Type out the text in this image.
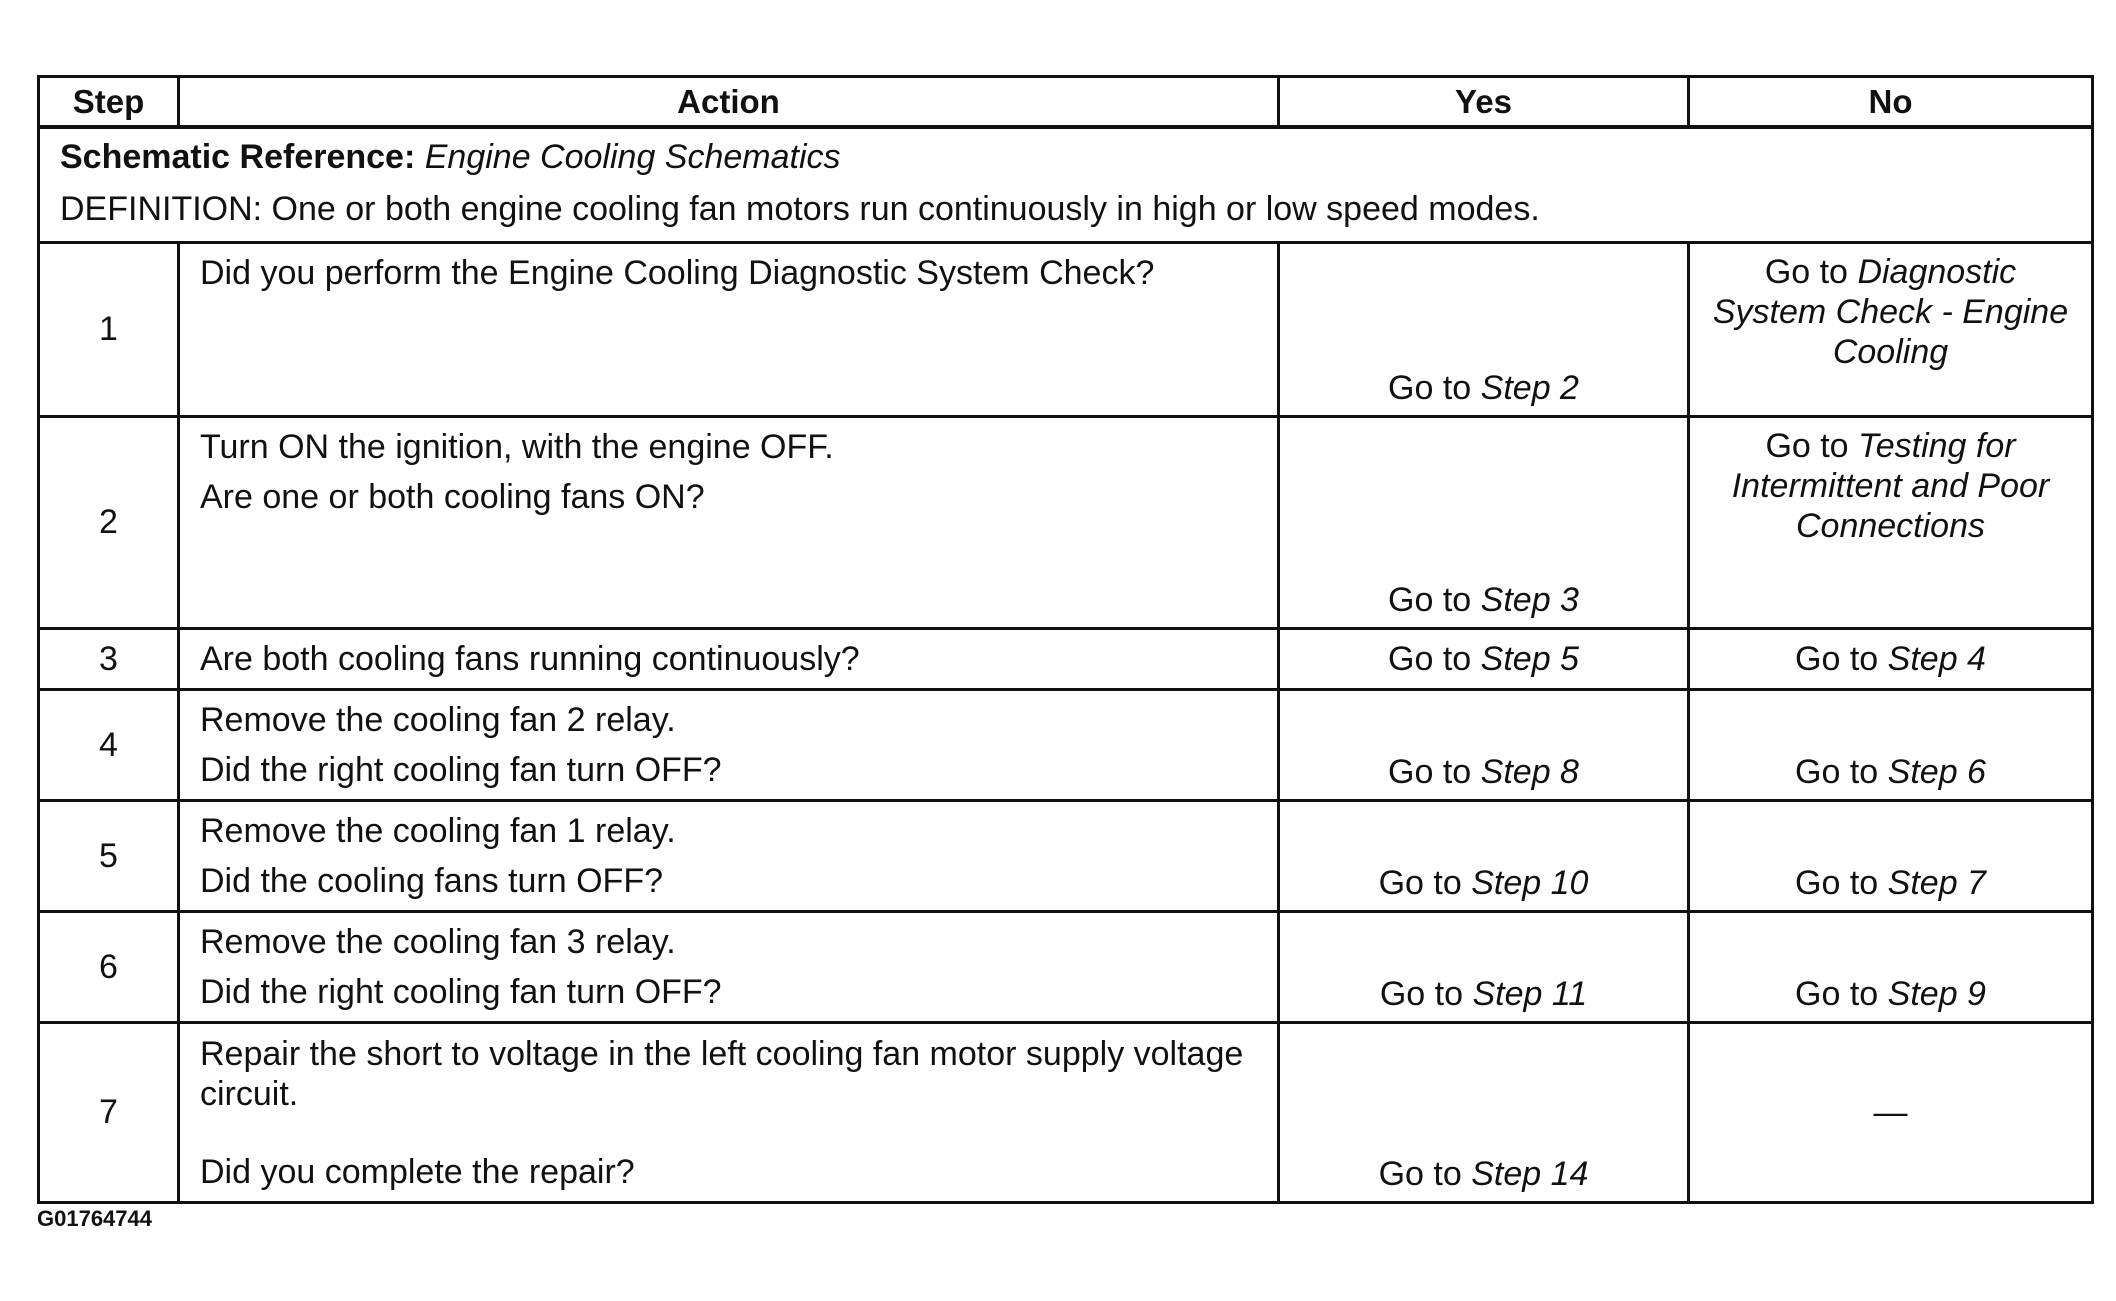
Step	Action	Yes	No

Schematic Reference: Engine Cooling Schematics
DEFINITION: One or both engine cooling fan motors run continuously in high or low speed modes.			

1	Did you perform the Engine Cooling Diagnostic System Check?	Go to Step 2	Go to Diagnostic System Check - Engine Cooling

2	Turn ON the ignition, with the engine OFF.
Are one or both cooling fans ON?	Go to Step 3	Go to Testing for Intermittent and Poor Connections

3	Are both cooling fans running continuously?	Go to Step 5	Go to Step 4
4	Remove the cooling fan 2 relay.
Did the right cooling fan turn OFF?	Go to Step 8	Go to Step 6

5	Remove the cooling fan 1 relay.
Did the cooling fans turn OFF?	Go to Step 10	Go to Step 7

6	Remove the cooling fan 3 relay.
Did the right cooling fan turn OFF?	Go to Step 11	Go to Step 9

7	Repair the short to voltage in the left cooling fan motor supply voltage circuit.
Did you complete the repair?	Go to Step 14	—
G01764744
